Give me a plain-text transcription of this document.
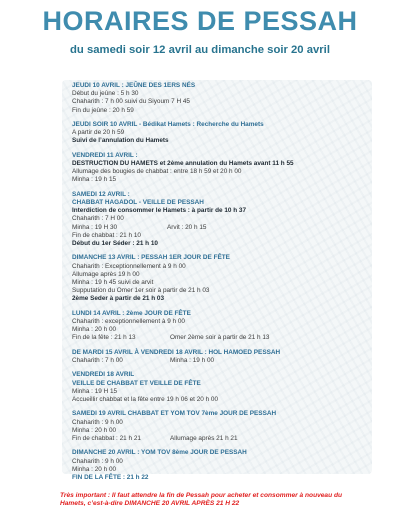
HORAIRES DE PESSAH

du samedi soir 12 avril au dimanche soir 20 avril

JEUDI 10 AVRIL : JEÛNE DES 1ERS NÉS
Début du jeûne : 5 h 30
Chaharith : 7 h 00 suivi du Siyoum 7 H 45
Fin du jeûne : 20 h 59
JEUDI SOIR 10 AVRIL - Bédikat Hamets : Recherche du Hamets
A partir de 20 h 59
Suivi de l’annulation du Hamets
VENDREDI 11 AVRIL :
DESTRUCTION DU HAMETS et 2ème annulation du Hamets avant 11 h 55
Allumage des bougies de chabbat : entre 18 h 59 et 20 h 00
Minha : 19 h 15
SAMEDI 12 AVRIL :
CHABBAT HAGADOL - VEILLE DE PESSAH
Interdiction de consommer le Hamets : à partir de 10 h 37
Chaharith : 7 H 00
Minha : 19 H 30	Arvit : 20 h 15
Fin de chabbat : 21 h 10
Début du 1er Séder : 21 h 10
DIMANCHE 13 AVRIL : PESSAH 1ER JOUR DE FÊTE
Chaharith : Exceptionnellement à 9 h 00
Allumage après 19 h 00
Minha : 19 h 45 suivi de arvit
Supputation du Omer 1er soir à partir de 21 h 03
2ème Seder à partir de 21 h 03
LUNDI 14 AVRIL : 2ème JOUR DE FÊTE
Chaharith : exceptionnellement à 9 h 00
Minha : 20 h 00
Fin de la fête : 21 h 13	Omer 2ème soir à partir de 21 h 13
DE MARDI 15 AVRIL À VENDREDI 18 AVRIL : HOL HAMOED PESSAH
Chaharith : 7 h 00	Minha : 19 h 00
VENDREDI 18 AVRIL
VEILLE DE CHABBAT ET VEILLE DE FÊTE
Minha : 19 H 15
Accueillir chabbat et la fête entre 19 h 06 et 20 h 00
SAMEDI 19 AVRIL CHABBAT ET YOM TOV 7ème JOUR DE PESSAH
Chaharith : 9 h 00
Minha : 20 h 00
Fin de chabbat : 21 h 21	Allumage après 21 h 21
DIMANCHE 20 AVRIL : YOM TOV 8ème JOUR DE PESSAH
Chaharith : 9 h 00
Minha : 20 h 00
FIN DE LA FÊTE : 21 h 22

Très important : Il faut attendre la fin de Pessah pour acheter et consommer à nouveau du Hamets, c’est-à-dire DIMANCHE 20 AVRIL APRÈS 21 H 22
